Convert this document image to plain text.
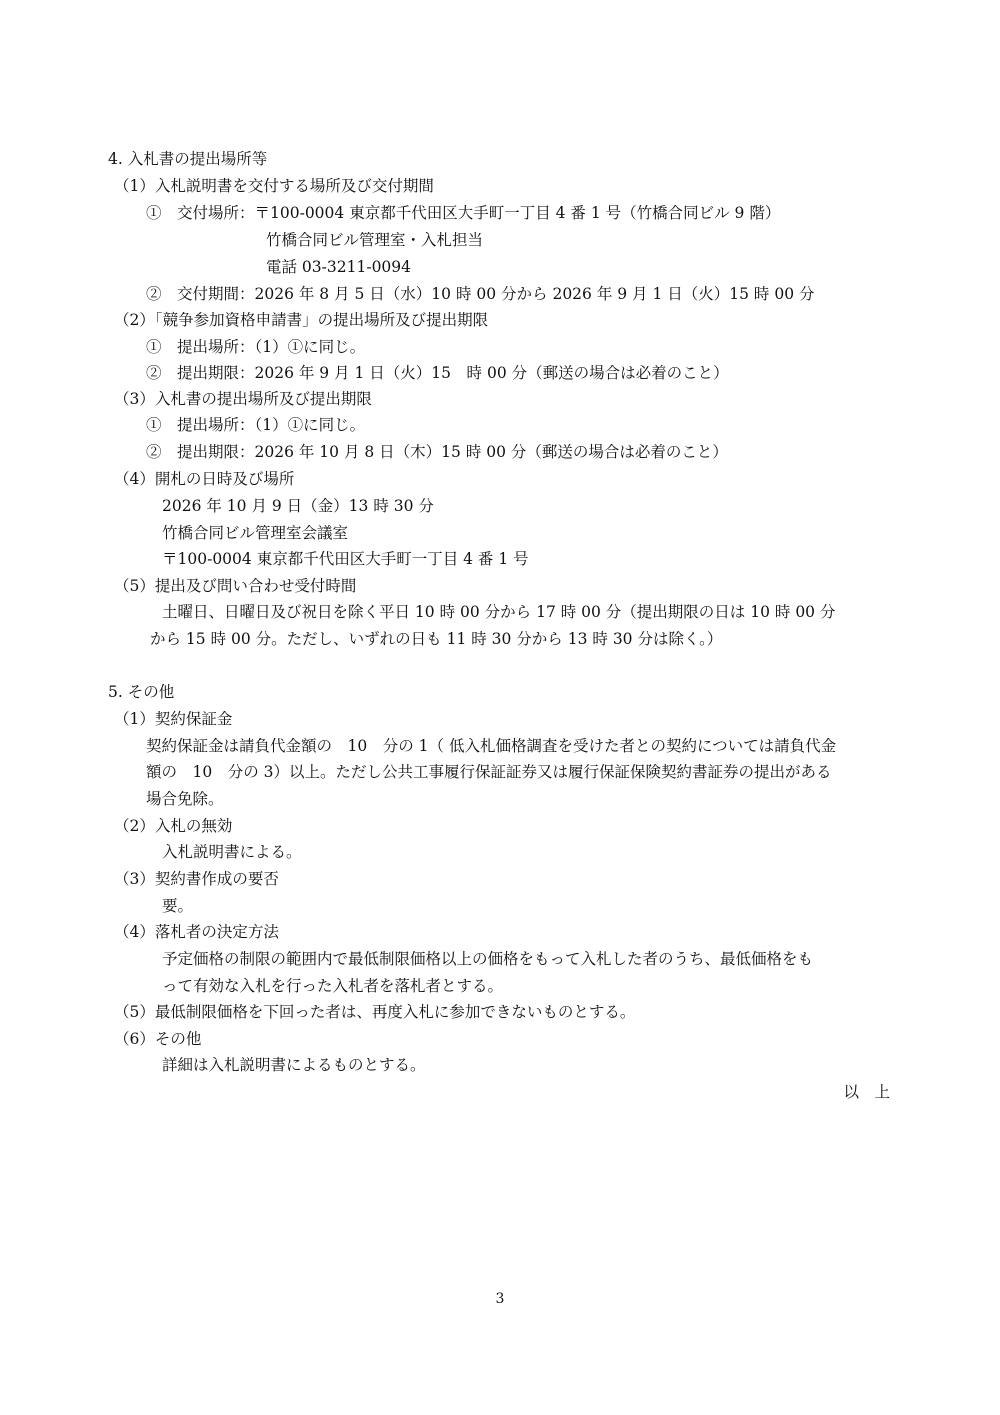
4. 入札書の提出場所等
（1）入札説明書を交付する場所及び交付期間
①　交付場所：〒100-0004 東京都千代田区大手町一丁目 4 番 1 号（竹橋合同ビル 9 階）
竹橋合同ビル管理室・入札担当
電話 03-3211-0094
②　交付期間：2026 年 8 月 5 日（水）10 時 00 分から 2026 年 9 月 1 日（火）15 時 00 分
（2）「競争参加資格申請書」の提出場所及び提出期限
①　提出場所：（1）①に同じ。
②　提出期限：2026 年 9 月 1 日（火）15　時 00 分（郵送の場合は必着のこと）
（3）入札書の提出場所及び提出期限
①　提出場所：（1）①に同じ。
②　提出期限：2026 年 10 月 8 日（木）15 時 00 分（郵送の場合は必着のこと）
（4）開札の日時及び場所
2026 年 10 月 9 日（金）13 時 30 分
竹橋合同ビル管理室会議室
〒100-0004 東京都千代田区大手町一丁目 4 番 1 号
（5）提出及び問い合わせ受付時間
土曜日、日曜日及び祝日を除く平日 10 時 00 分から 17 時 00 分（提出期限の日は 10 時 00 分
から 15 時 00 分。ただし、いずれの日も 11 時 30 分から 13 時 30 分は除く。）
5. その他
（1）契約保証金
契約保証金は請負代金額の　10　分の 1（ 低入札価格調査を受けた者との契約については請負代金
額の　10　分の 3）以上。ただし公共工事履行保証証券又は履行保証保険契約書証券の提出がある
場合免除。
（2）入札の無効
入札説明書による。
（3）契約書作成の要否
要。
（4）落札者の決定方法
予定価格の制限の範囲内で最低制限価格以上の価格をもって入札した者のうち、最低価格をも
って有効な入札を行った入札者を落札者とする。
（5）最低制限価格を下回った者は、再度入札に参加できないものとする。
（6）その他
詳細は入札説明書によるものとする。
以　上
3
